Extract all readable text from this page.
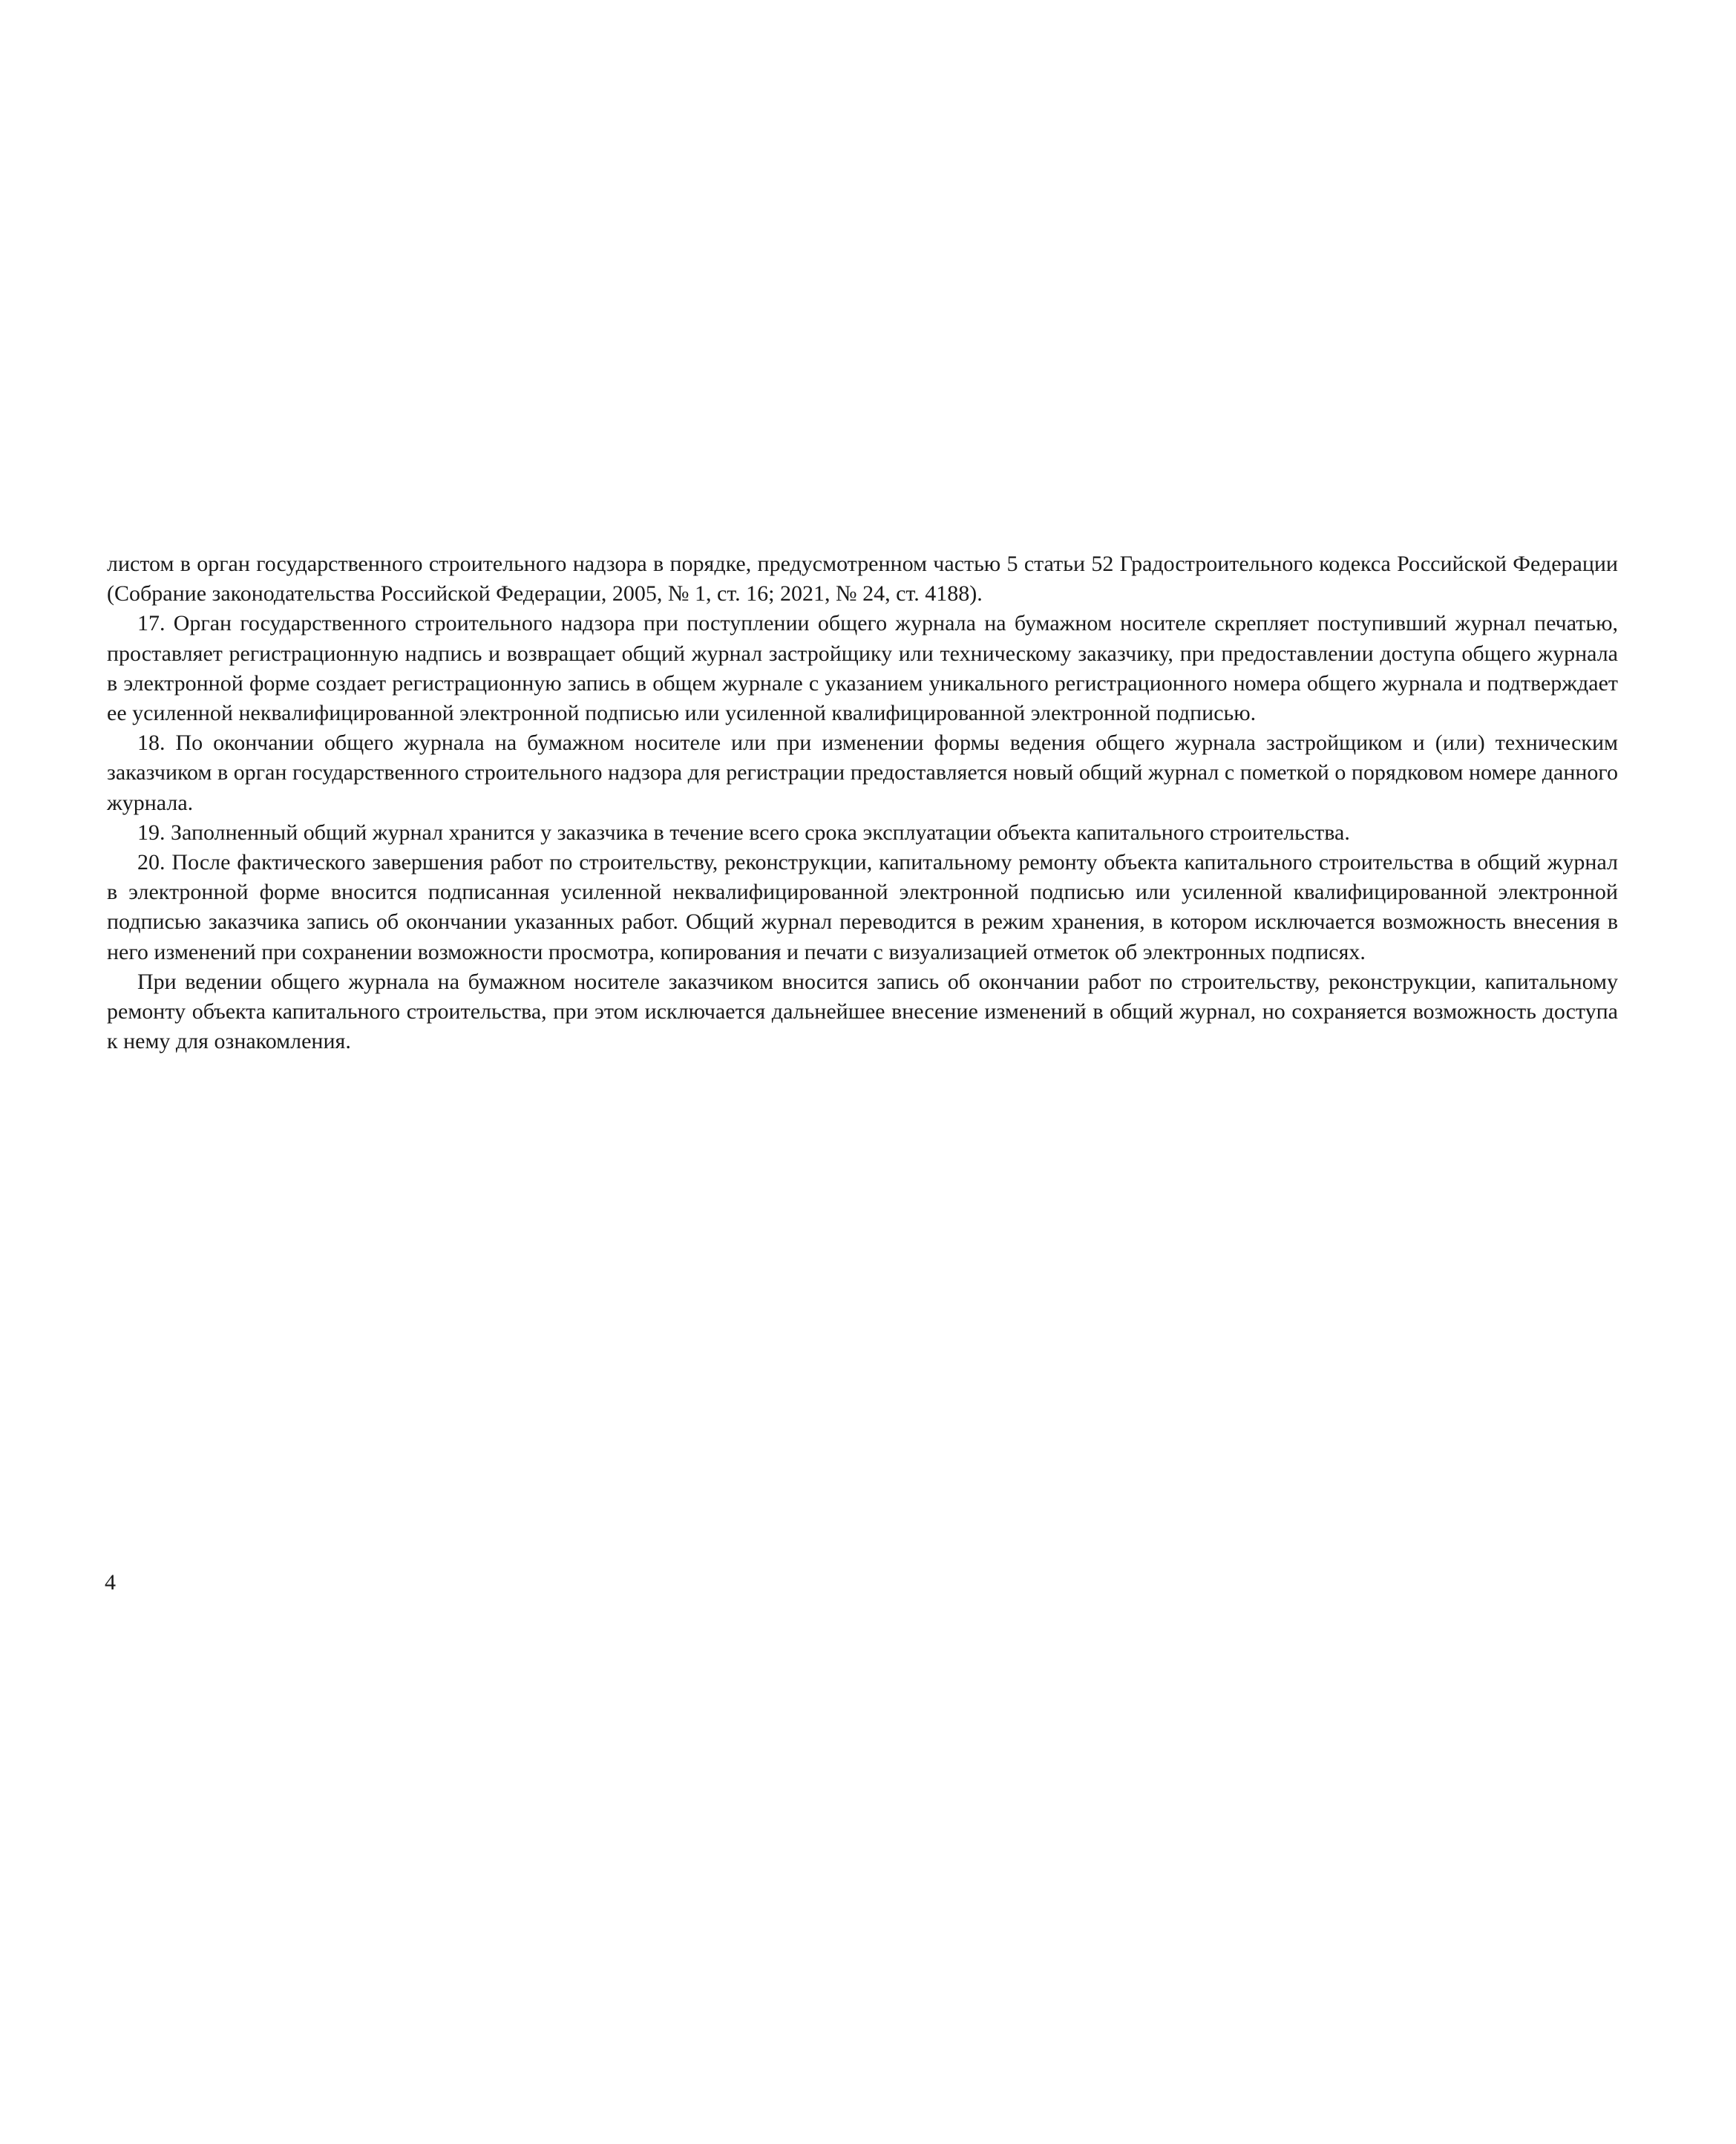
листом в орган государственного строительного надзора в порядке, предусмотренном частью 5 статьи 52 Градостроительного кодекса Российской Федерации (Собрание законодательства Российской Федерации, 2005, № 1, ст. 16; 2021, № 24, ст. 4188).

17. Орган государственного строительного надзора при поступлении общего журнала на бумажном носителе скрепляет поступивший журнал печатью, проставляет регистрационную надпись и возвращает общий журнал застройщику или техническому заказчику, при предоставлении доступа общего журнала в электронной форме создает регистрационную запись в общем журнале с указанием уникального регистрационного номера общего журнала и подтверждает ее усиленной неквалифицированной электронной подписью или усиленной квалифицированной электронной подписью.

18. По окончании общего журнала на бумажном носителе или при изменении формы ведения общего журнала застройщиком и (или) техническим заказчиком в орган государственного строительного надзора для регистрации предоставляется новый общий журнал с пометкой о порядковом номере данного журнала.

19. Заполненный общий журнал хранится у заказчика в течение всего срока эксплуатации объекта капитального строительства.

20. После фактического завершения работ по строительству, реконструкции, капитальному ремонту объекта капитального строительства в общий журнал в электронной форме вносится подписанная усиленной неквалифицированной электронной подписью или усиленной квалифицированной электронной подписью заказчика запись об окончании указанных работ. Общий журнал переводится в режим хранения, в котором исключается возможность внесения в него изменений при сохранении возможности просмотра, копирования и печати с визуализацией отметок об электронных подписях.

При ведении общего журнала на бумажном носителе заказчиком вносится запись об окончании работ по строительству, реконструкции, капитальному ремонту объекта капитального строительства, при этом исключается дальнейшее внесение изменений в общий журнал, но сохраняется возможность доступа к нему для ознакомления.

4
